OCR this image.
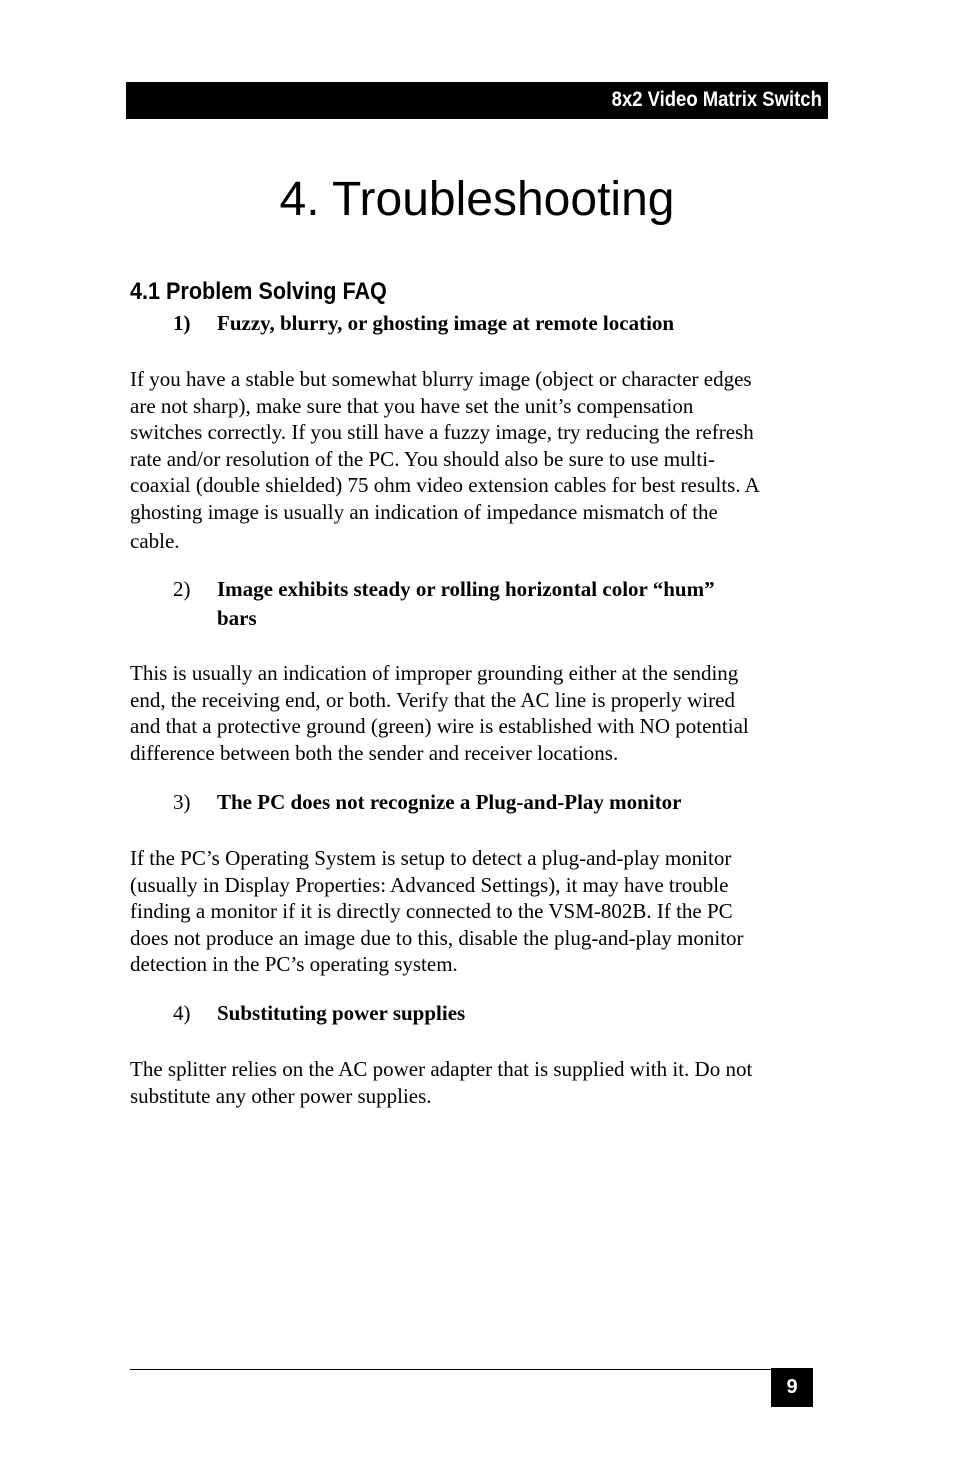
8x2 Video Matrix Switch
4. Troubleshooting
4.1 Problem Solving FAQ
1) Fuzzy, blurry, or ghosting image at remote location
If you have a stable but somewhat blurry image (object or character edges
are not sharp), make sure that you have set the unit’s compensation
switches correctly. If you still have a fuzzy image, try reducing the refresh
rate and/or resolution of the PC. You should also be sure to use multi-
coaxial (double shielded) 75 ohm video extension cables for best results. A
ghosting image is usually an indication of impedance mismatch of the
cable.
2) Image exhibits steady or rolling horizontal color “hum”
bars
This is usually an indication of improper grounding either at the sending
end, the receiving end, or both. Verify that the AC line is properly wired
and that a protective ground (green) wire is established with NO potential
difference between both the sender and receiver locations.
3) The PC does not recognize a Plug-and-Play monitor
If the PC’s Operating System is setup to detect a plug-and-play monitor
(usually in Display Properties: Advanced Settings), it may have trouble
finding a monitor if it is directly connected to the VSM-802B. If the PC
does not produce an image due to this, disable the plug-and-play monitor
detection in the PC’s operating system.
4) Substituting power supplies
The splitter relies on the AC power adapter that is supplied with it. Do not
substitute any other power supplies.
9
